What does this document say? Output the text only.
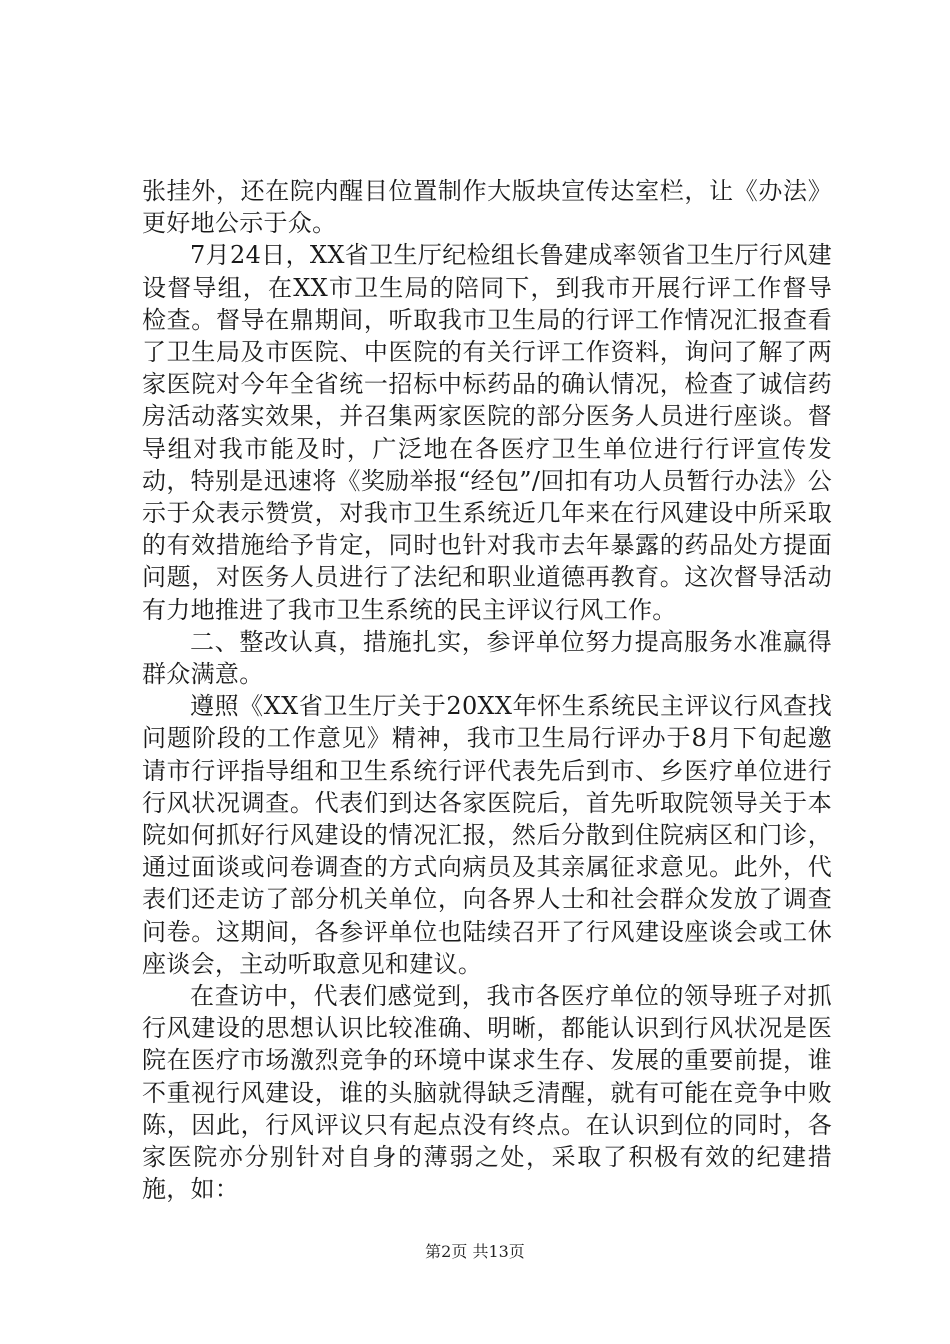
张挂外，还在院内醒目位置制作大版块宣传达室栏，让《办法》更好地公示于众。

7月24日，XX省卫生厅纪检组长鲁建成率领省卫生厅行风建设督导组，在XX市卫生局的陪同下，到我市开展行评工作督导检查。督导在鼎期间，听取我市卫生局的行评工作情况汇报查看了卫生局及市医院、中医院的有关行评工作资料，询问了解了两家医院对今年全省统一招标中标药品的确认情况，检查了诚信药房活动落实效果，并召集两家医院的部分医务人员进行座谈。督导组对我市能及时，广泛地在各医疗卫生单位进行行评宣传发动，特别是迅速将《奖励举报“经包”/回扣有功人员暂行办法》公示于众表示赞赏，对我市卫生系统近几年来在行风建设中所采取的有效措施给予肯定，同时也针对我市去年暴露的药品处方提面问题，对医务人员进行了法纪和职业道德再教育。这次督导活动有力地推进了我市卫生系统的民主评议行风工作。

二、整改认真，措施扎实，参评单位努力提高服务水准赢得群众满意。

遵照《XX省卫生厅关于20XX年怀生系统民主评议行风查找问题阶段的工作意见》精神，我市卫生局行评办于8月下旬起邀请市行评指导组和卫生系统行评代表先后到市、乡医疗单位进行行风状况调查。代表们到达各家医院后，首先听取院领导关于本院如何抓好行风建设的情况汇报，然后分散到住院病区和门诊，通过面谈或问卷调查的方式向病员及其亲属征求意见。此外，代表们还走访了部分机关单位，向各界人士和社会群众发放了调查问卷。这期间，各参评单位也陆续召开了行风建设座谈会或工休座谈会，主动听取意见和建议。

在查访中，代表们感觉到，我市各医疗单位的领导班子对抓行风建设的思想认识比较准确、明晰，都能认识到行风状况是医院在医疗市场激烈竞争的环境中谋求生存、发展的重要前提，谁不重视行风建设，谁的头脑就得缺乏清醒，就有可能在竞争中败陈，因此，行风评议只有起点没有终点。在认识到位的同时，各家医院亦分别针对自身的薄弱之处，采取了积极有效的纪建措施，如：

第2页 共13页
